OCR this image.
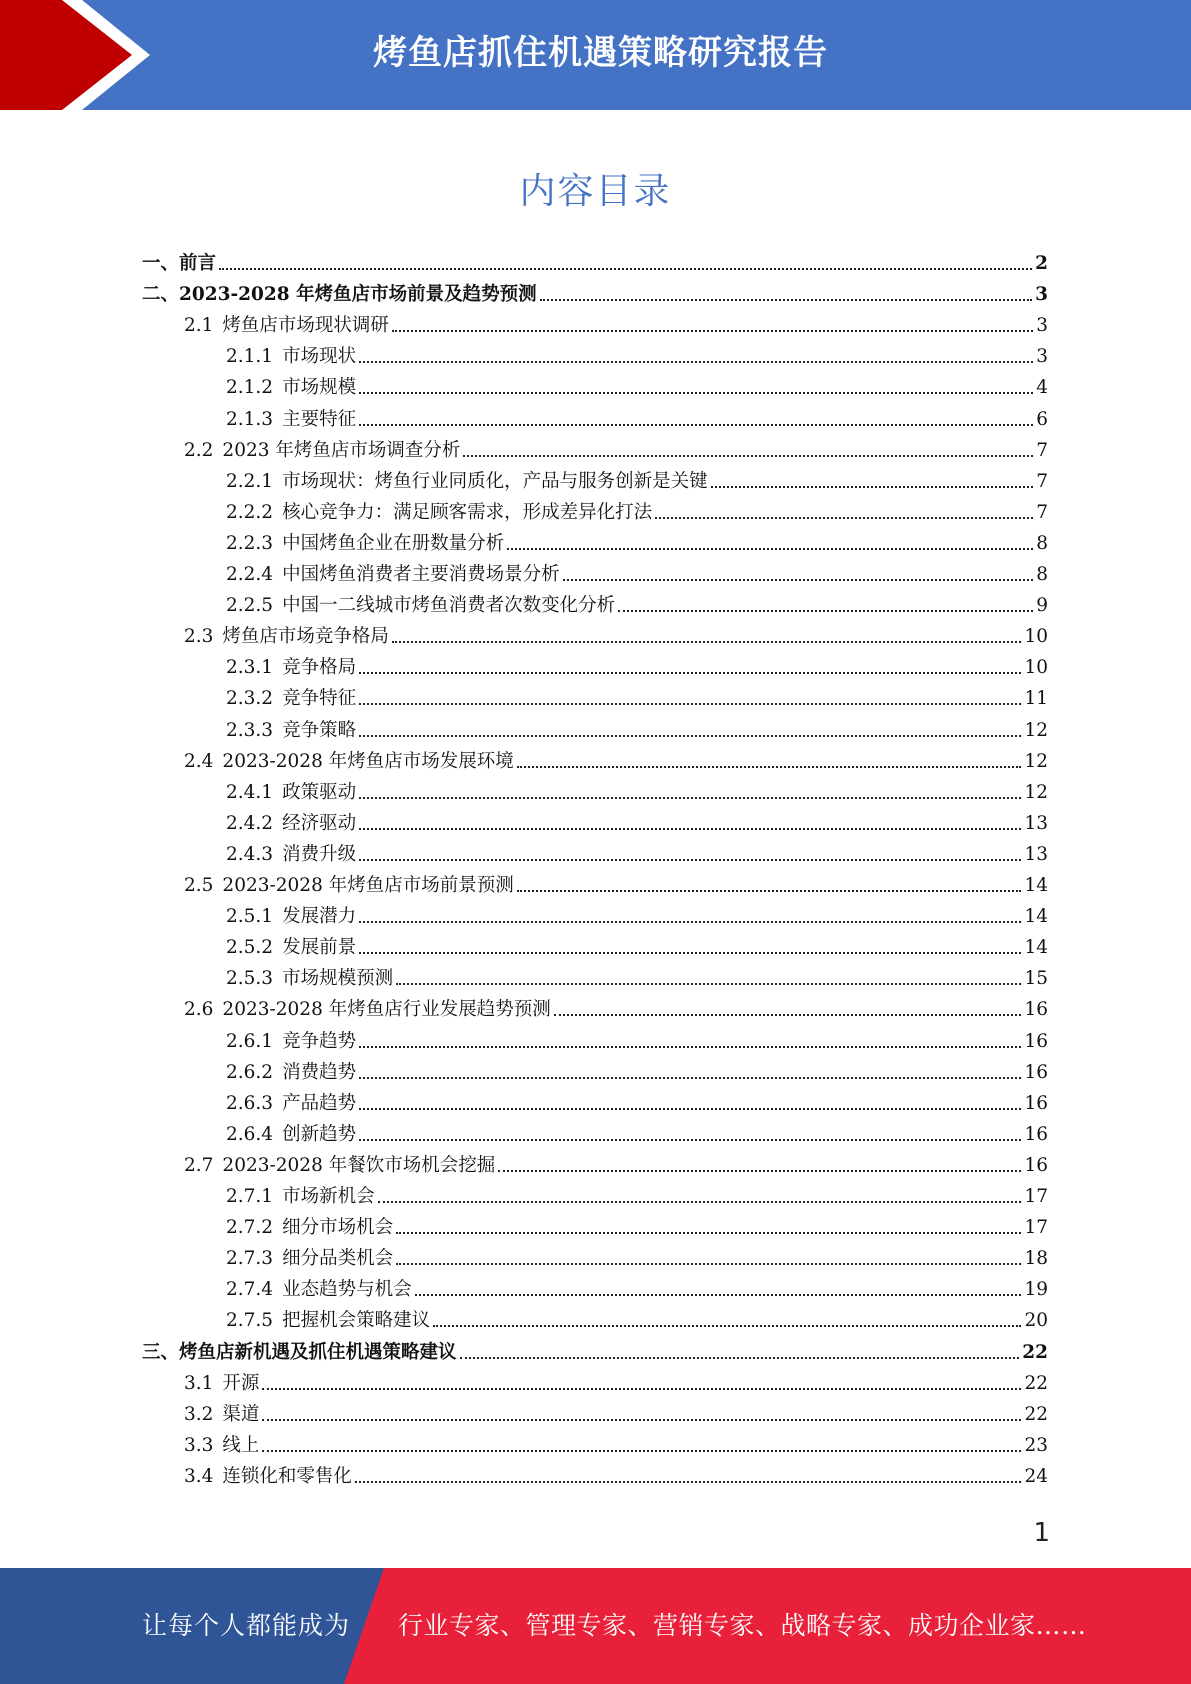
烤鱼店抓住机遇策略研究报告
内容目录
一、前言	2
二、2023-2028 年烤鱼店市场前景及趋势预测	3
2.1 烤鱼店市场现状调研	3
2.1.1 市场现状	3
2.1.2 市场规模	4
2.1.3 主要特征	6
2.2 2023 年烤鱼店市场调查分析	7
2.2.1 市场现状：烤鱼行业同质化，产品与服务创新是关键	7
2.2.2 核心竞争力：满足顾客需求，形成差异化打法	7
2.2.3 中国烤鱼企业在册数量分析	8
2.2.4 中国烤鱼消费者主要消费场景分析	8
2.2.5 中国一二线城市烤鱼消费者次数变化分析	9
2.3 烤鱼店市场竞争格局	10
2.3.1 竞争格局	10
2.3.2 竞争特征	11
2.3.3 竞争策略	12
2.4 2023-2028 年烤鱼店市场发展环境	12
2.4.1 政策驱动	12
2.4.2 经济驱动	13
2.4.3 消费升级	13
2.5 2023-2028 年烤鱼店市场前景预测	14
2.5.1 发展潜力	14
2.5.2 发展前景	14
2.5.3 市场规模预测	15
2.6 2023-2028 年烤鱼店行业发展趋势预测	16
2.6.1 竞争趋势	16
2.6.2 消费趋势	16
2.6.3 产品趋势	16
2.6.4 创新趋势	16
2.7 2023-2028 年餐饮市场机会挖掘	16
2.7.1 市场新机会	17
2.7.2 细分市场机会	17
2.7.3 细分品类机会	18
2.7.4 业态趋势与机会	19
2.7.5 把握机会策略建议	20
三、烤鱼店新机遇及抓住机遇策略建议	22
3.1 开源	22
3.2 渠道	22
3.3 线上	23
3.4 连锁化和零售化	24
1
让每个人都能成为 行业专家、管理专家、营销专家、战略专家、成功企业家……
